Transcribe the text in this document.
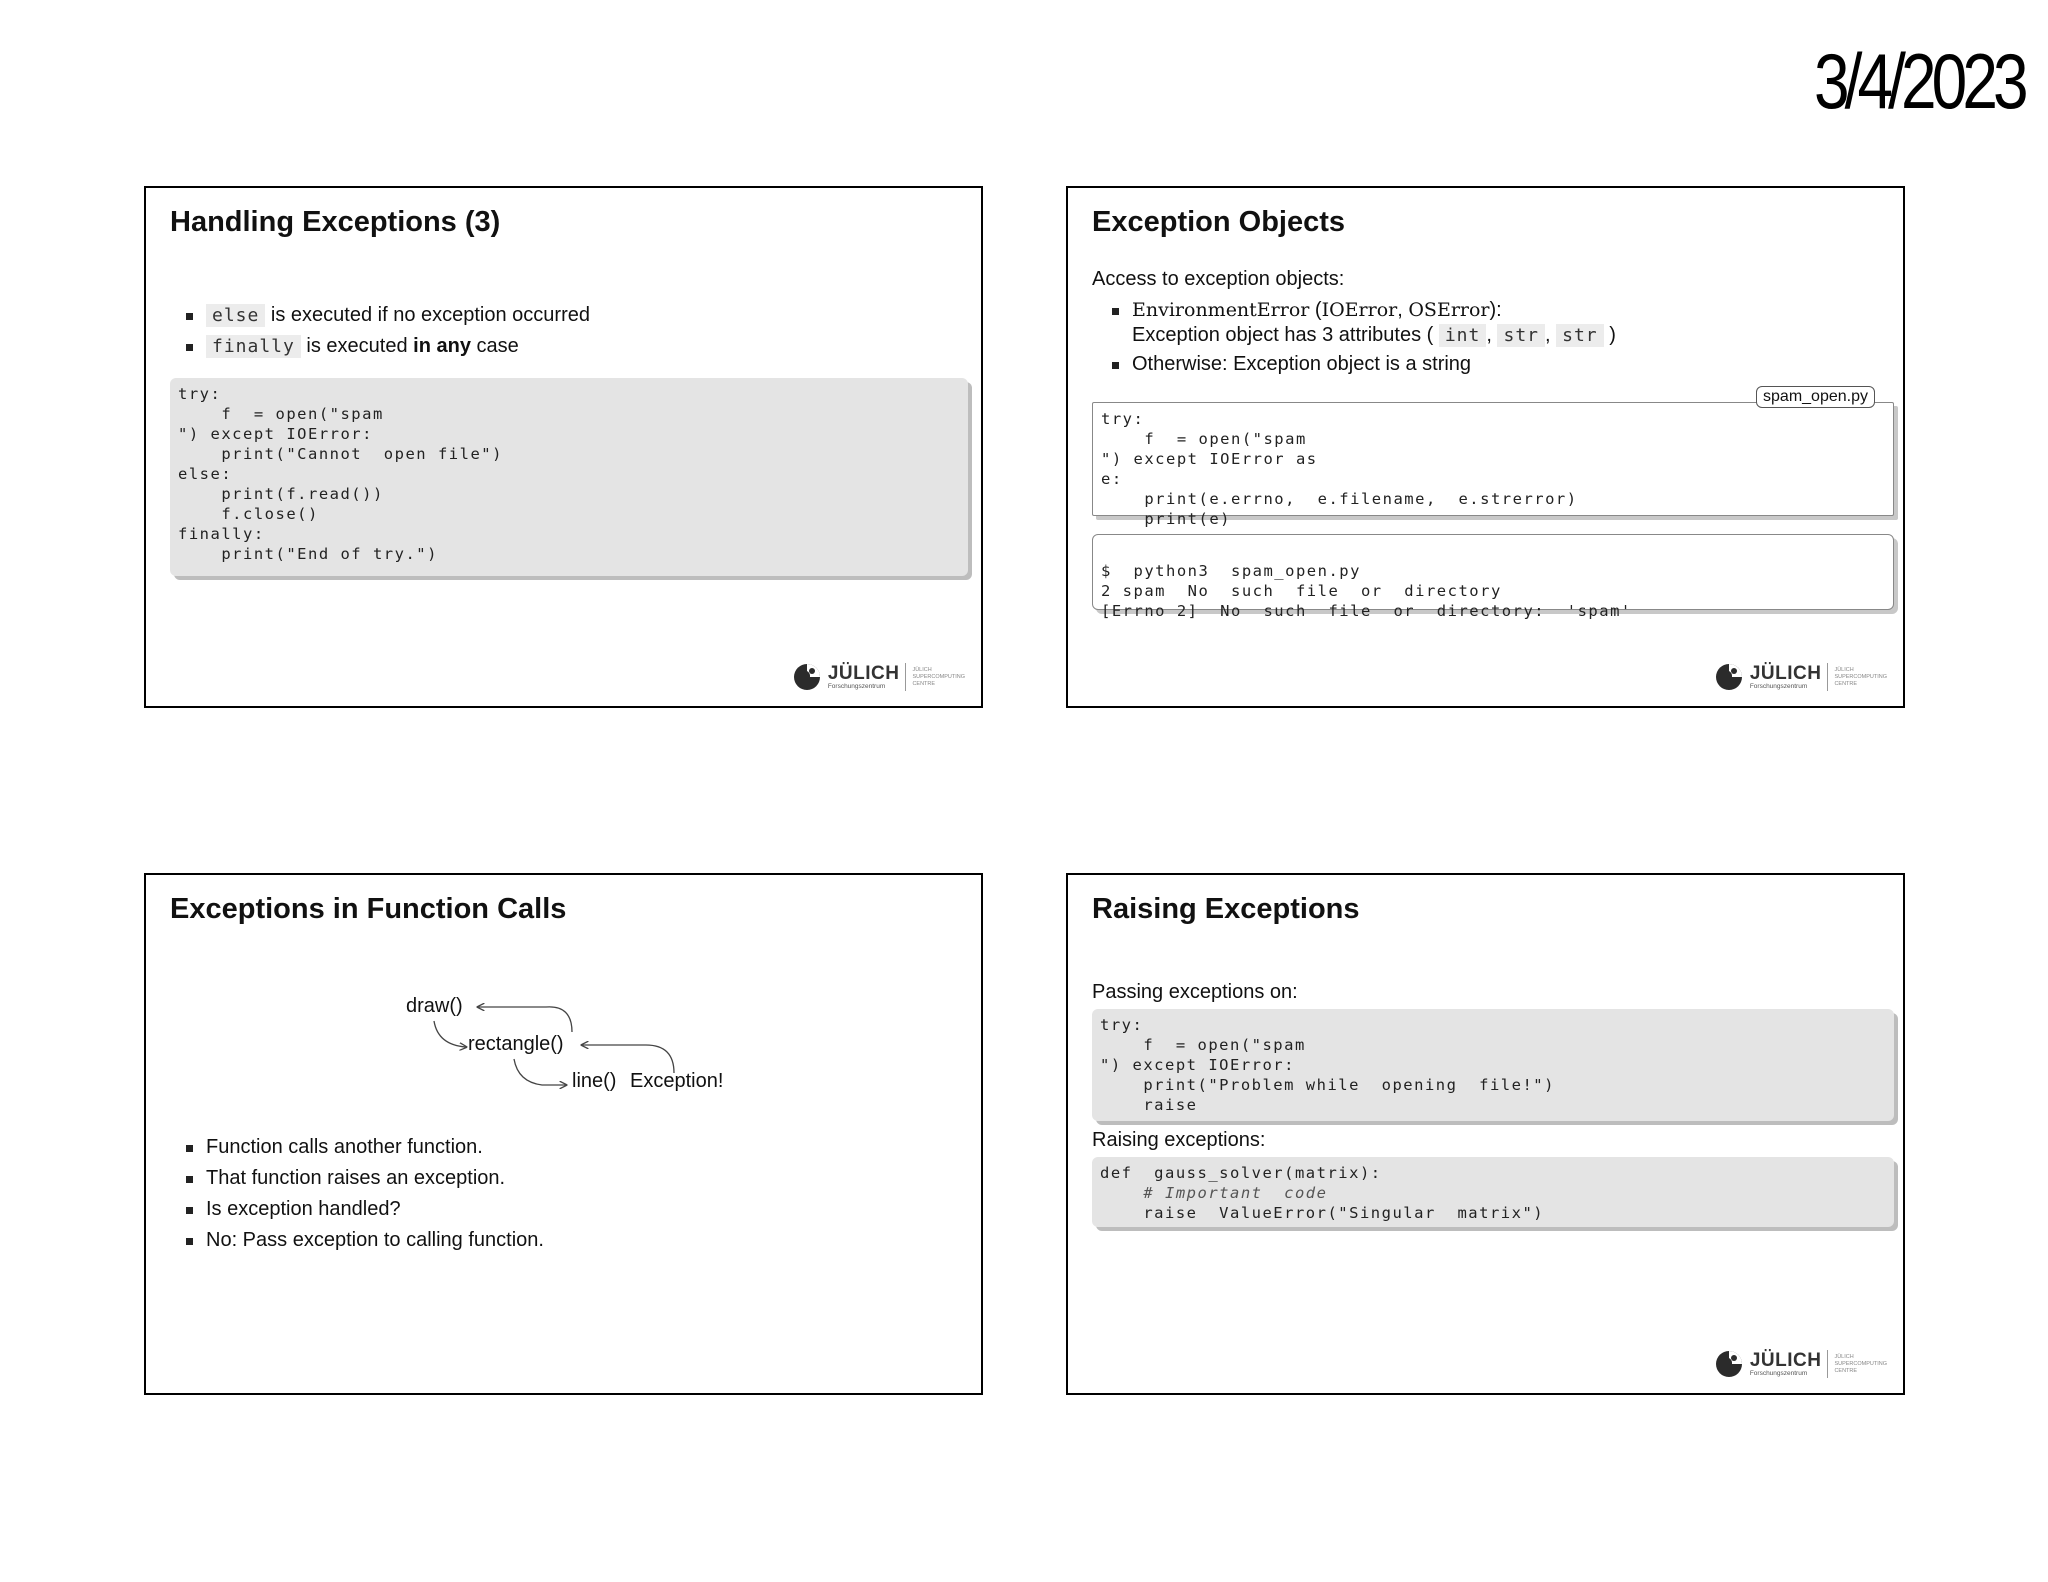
3/4/2023
Handling Exceptions (3)
else is executed if no exception occurred
finally is executed in any case
try:
f  = open("spam
") except IOError:
print("Cannot  open file")
else:
print(f.read())
f.close()
finally:
print("End of try.")
JÜLICH
Forschungszentrum
JÜLICH
SUPERCOMPUTING
CENTRE
Exception Objects
Access to exception objects:
EnvironmentError (IOError, OSError):
Exception object has 3 attributes ( int , str , str )
Otherwise: Exception object is a string
try:
f  = open("spam
") except IOError as
e:
print(e.errno,  e.filename,  e.strerror)
print(e)
spam_open.py

$  python3  spam_open.py
2 spam  No  such  file  or  directory
[Errno 2]  No  such  file  or  directory:  'spam'
JÜLICH
Forschungszentrum
JÜLICH
SUPERCOMPUTING
CENTRE
Exceptions in Function Calls
draw()
rectangle()
line() Exception!
Function calls another function.
That function raises an exception.
Is exception handled?
No: Pass exception to calling function.
Raising Exceptions
Passing exceptions on:
try:
f  = open("spam
") except IOError:
print("Problem while  opening  file!")
raise
Raising exceptions:
def  gauss_solver(matrix):
# Important  code
raise  ValueError("Singular  matrix")
JÜLICH
Forschungszentrum
JÜLICH
SUPERCOMPUTING
CENTRE
